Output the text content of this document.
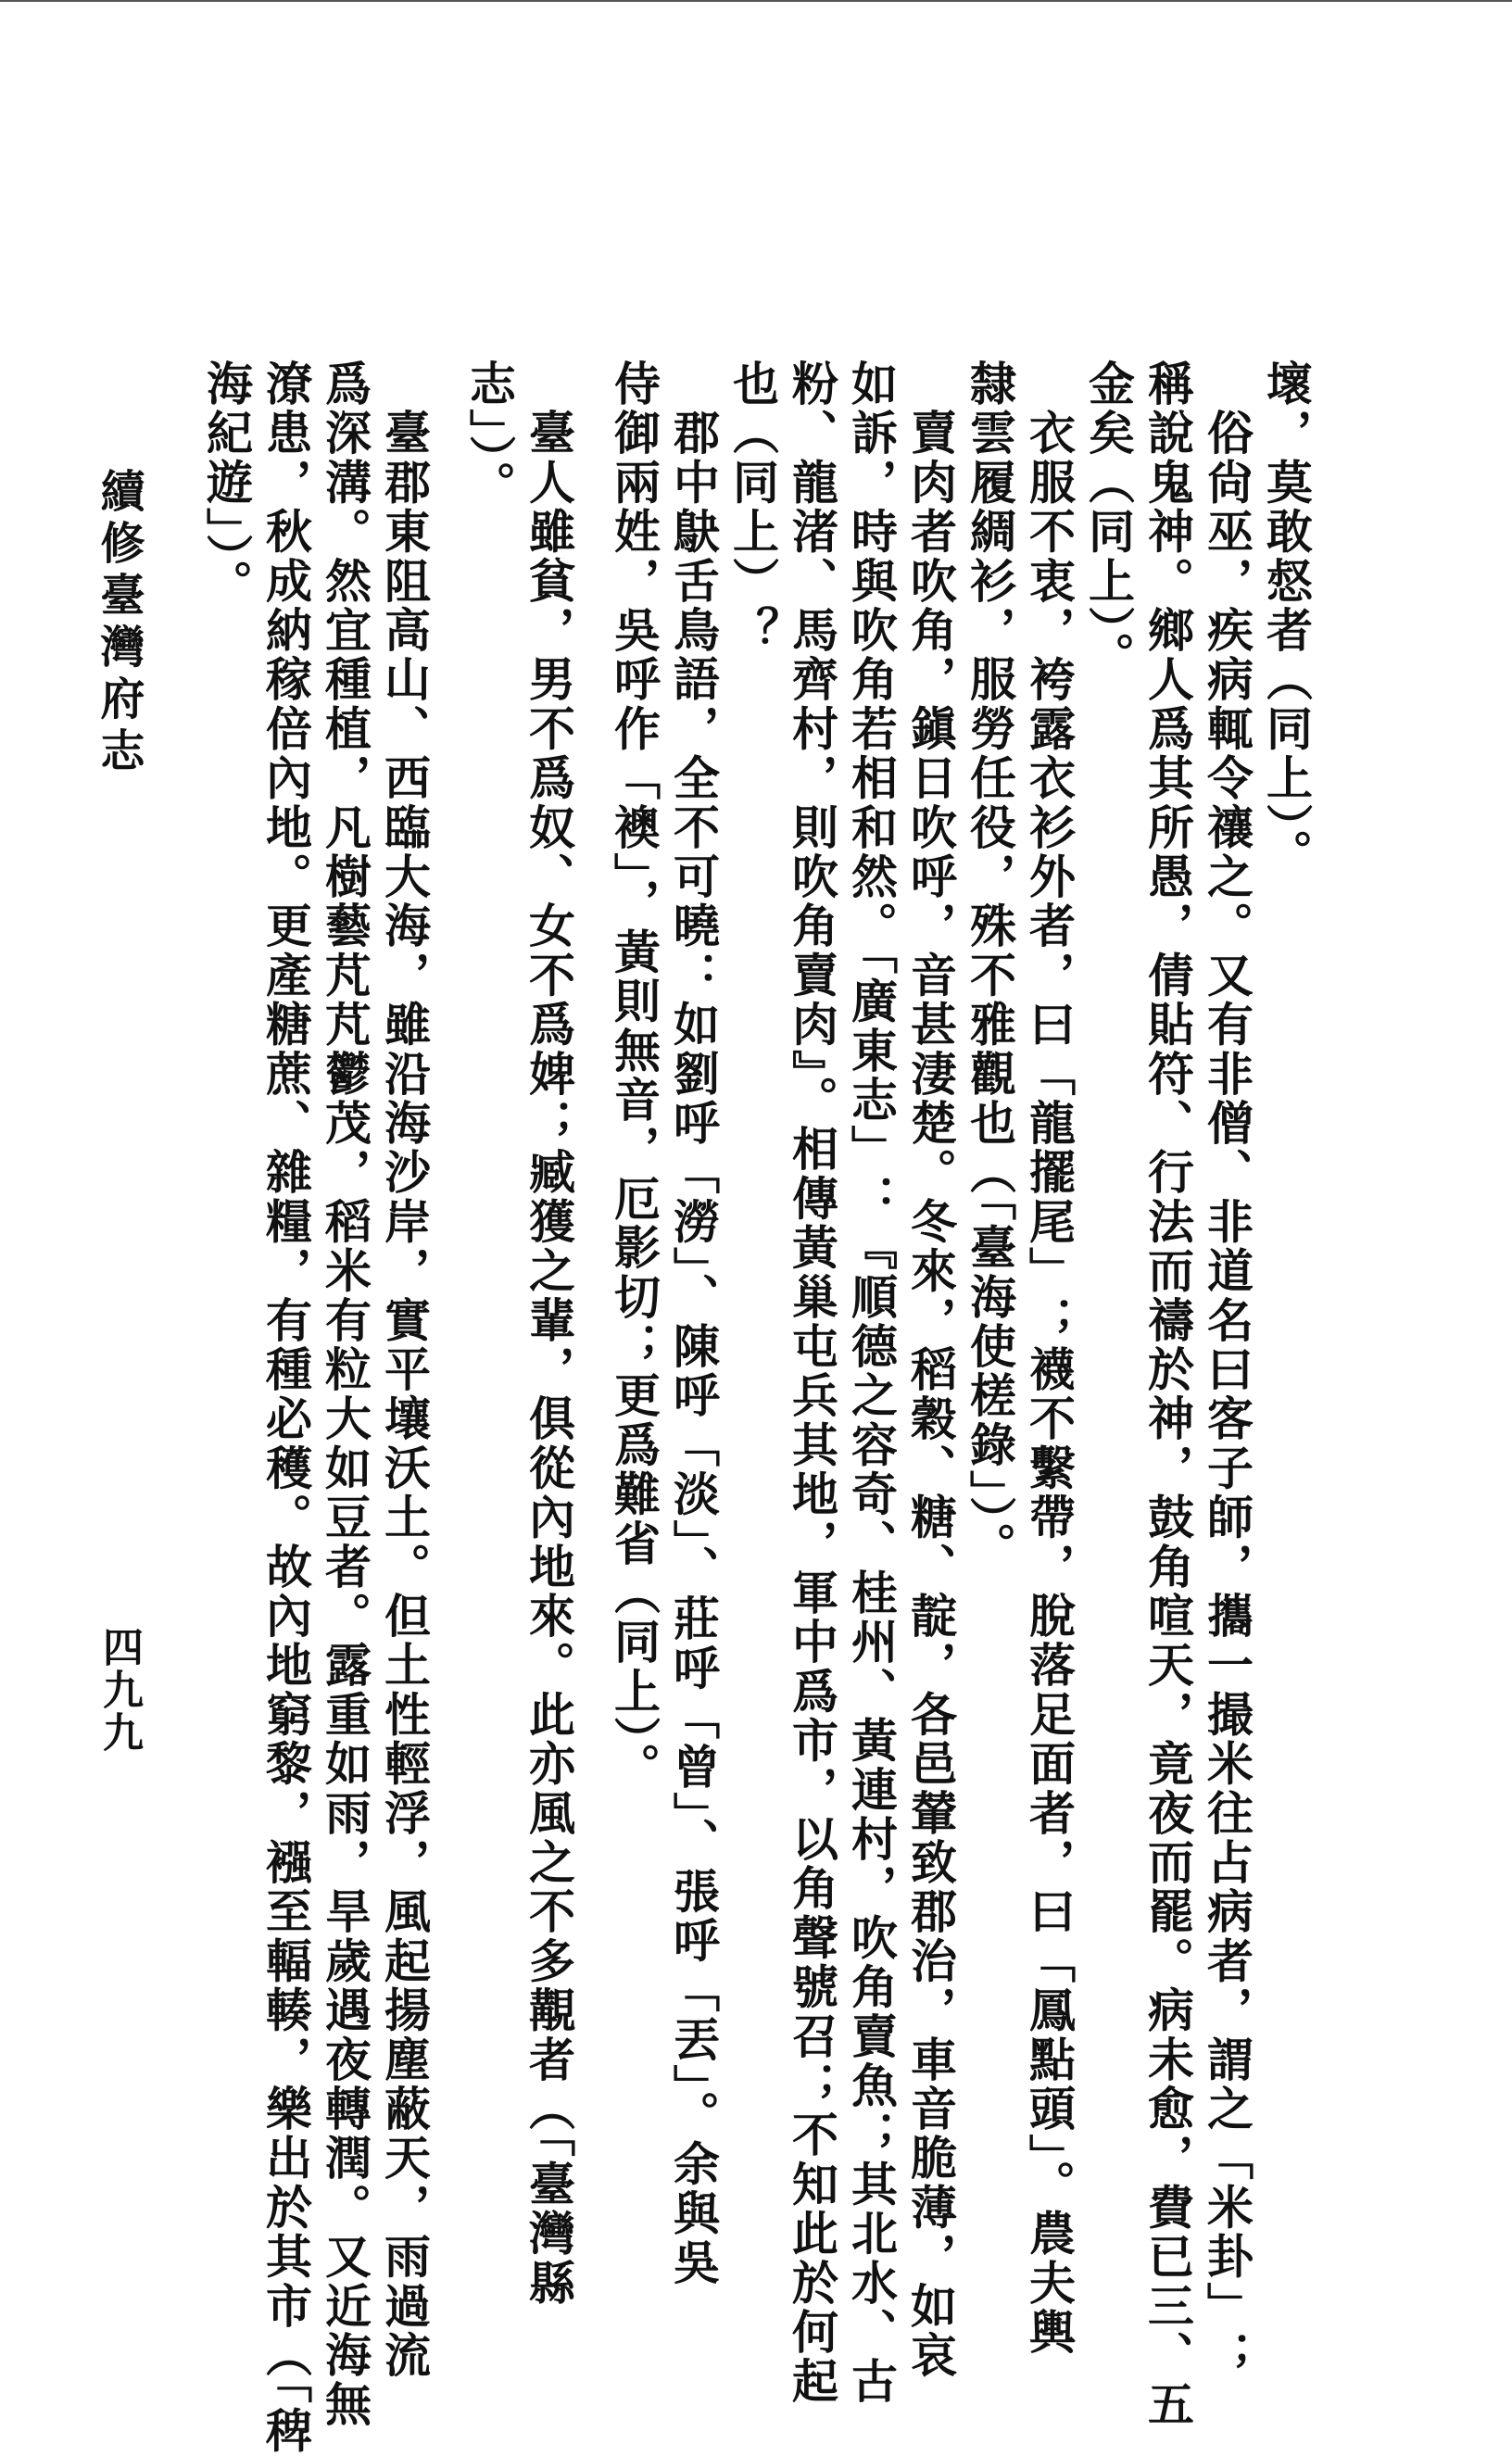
壞，莫敢惄者（同上）。
　俗尙巫，疾病輒令禳之。又有非僧、非道名曰客子師，攜一撮米往占病者，謂之「米卦」；
稱說鬼神。鄉人爲其所愚，倩貼符、行法而禱於神，鼓角喧天，竟夜而罷。病未愈，費已三、五
金矣（同上）。
　衣服不衷，袴露衣衫外者，曰「龍擺尾」；襪不繫帶，脫落足面者，曰「鳳點頭」。農夫輿
隸雲履綢衫，服勞任役，殊不雅觀也（「臺海使槎錄」）。
　賣肉者吹角，鎭日吹呼，音甚淒楚。冬來，稻穀、糖、靛，各邑輦致郡治，車音脆薄，如哀
如訴，時與吹角若相和然。「廣東志」：『順德之容奇、桂州、黃連村，吹角賣魚；其北水、古
粉、龍渚、馬齊村，則吹角賣肉』。相傳黃巢屯兵其地，軍中爲市，以角聲號召；不知此於何起
也（同上）？
　郡中鴃舌鳥語，全不可曉：如劉呼「澇」、陳呼「淡」、莊呼「曾」、張呼「丟」。余與吳
侍御兩姓，吳呼作「襖」，黃則無音，厄影切；更爲難省（同上）。
　臺人雖貧，男不爲奴、女不爲婢；臧獲之輩，俱從內地來。此亦風之不多覯者（「臺灣縣
志」）。
　臺郡東阻高山、西臨大海，雖沿海沙岸，實平壤沃土。但土性輕浮，風起揚塵蔽天，雨過流
爲深溝。然宜種植，凡樹藝芃芃鬱茂，稻米有粒大如豆者。露重如雨，旱歲遇夜轉潤。又近海無
潦患，秋成納稼倍內地。更產糖蔗、雜糧，有種必穫。故內地窮黎，襁至輻輳，樂出於其市（「稗
海紀遊」）。
續修臺灣府志
四九九
